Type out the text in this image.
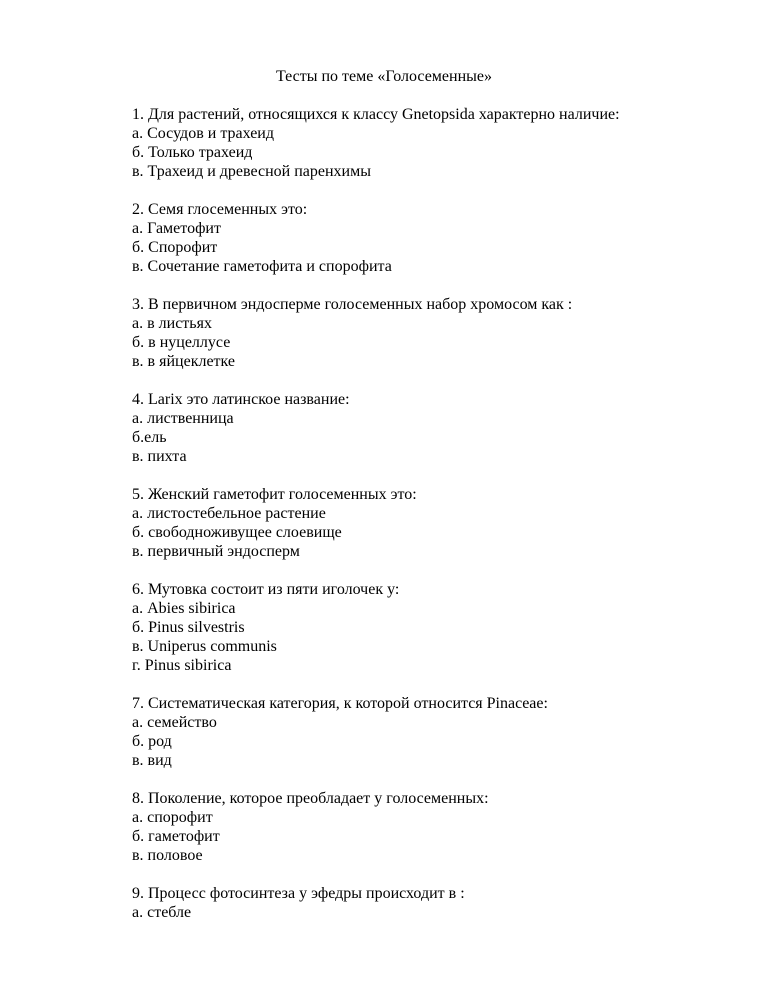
Тесты по теме «Голосеменные»
1. Для растений, относящихся к классу Gnetopsida характерно наличие:
а. Сосудов и трахеид
б. Только трахеид
в. Трахеид и древесной паренхимы
2. Семя глосеменных это:
а. Гаметофит
б. Спорофит
в. Сочетание гаметофита и спорофита
3. В первичном эндосперме голосеменных набор хромосом как :
а. в листьях
б. в нуцеллусе
в. в яйцеклетке
4. Larix это латинское название:
а. лиственница
б.ель
в. пихта
5. Женский гаметофит голосеменных это:
а. листостебельное растение
б. свободноживущее слоевище
в. первичный эндосперм
6. Мутовка состоит из пяти иголочек у:
а. Abies sibirica
б. Pinus silvestris
в. Uniperus communis
г. Pinus sibirica
7. Систематическая категория, к которой относится Pinaceae:
а. семейство
б. род
в. вид
8. Поколение, которое преобладает у голосеменных:
а. спорофит
б. гаметофит
в. половое
9. Процесс фотосинтеза у эфедры происходит в :
а. стебле
